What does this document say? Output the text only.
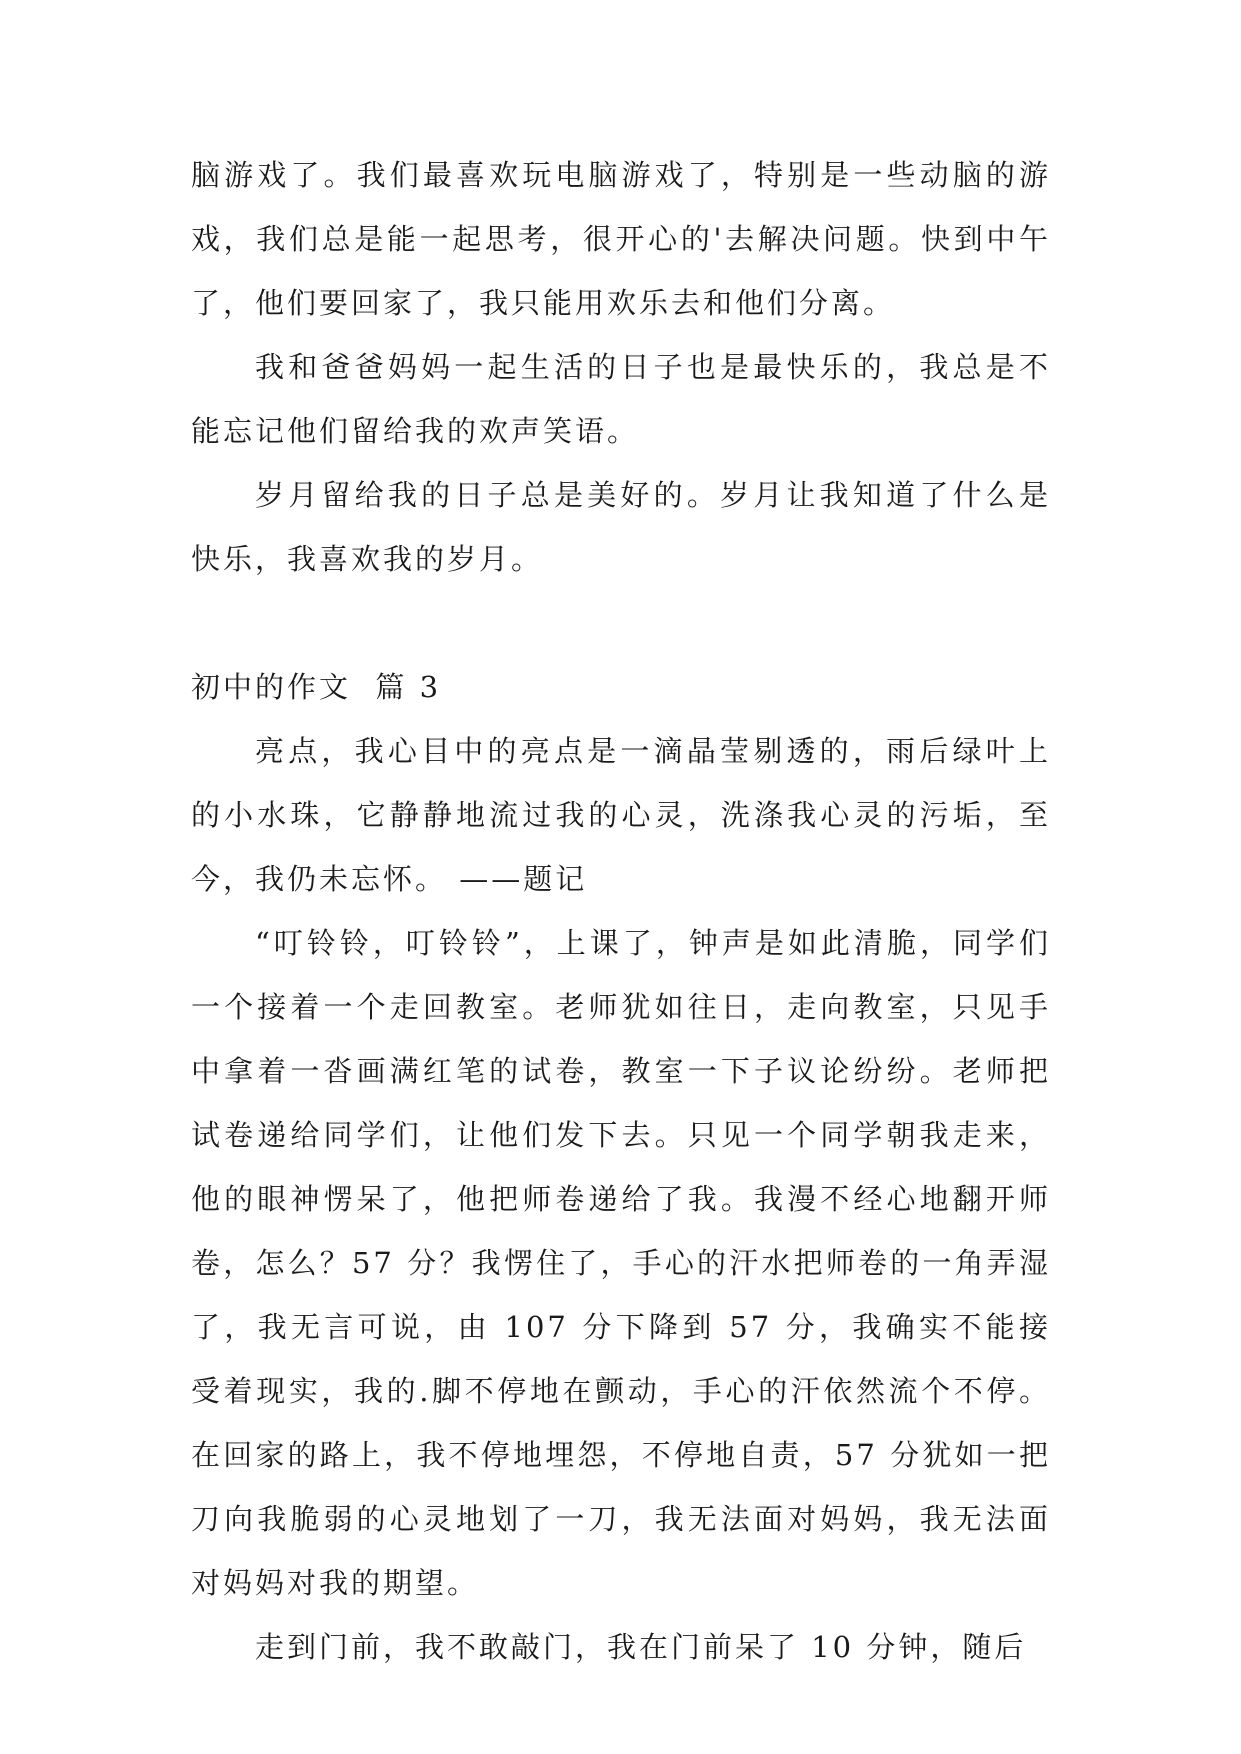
脑游戏了。我们最喜欢玩电脑游戏了，特别是一些动脑的游戏，我们总是能一起思考，很开心的'去解决问题。快到中午了，他们要回家了，我只能用欢乐去和他们分离。

我和爸爸妈妈一起生活的日子也是最快乐的，我总是不能忘记他们留给我的欢声笑语。

岁月留给我的日子总是美好的。岁月让我知道了什么是快乐，我喜欢我的岁月。

初中的作文  篇 3

亮点，我心目中的亮点是一滴晶莹剔透的，雨后绿叶上的小水珠，它静静地流过我的心灵，洗涤我心灵的污垢，至今，我仍未忘怀。 ——题记

“叮铃铃，叮铃铃”，上课了，钟声是如此清脆，同学们一个接着一个走回教室。老师犹如往日，走向教室，只见手中拿着一沓画满红笔的试卷，教室一下子议论纷纷。老师把试卷递给同学们，让他们发下去。只见一个同学朝我走来，他的眼神愣呆了，他把师卷递给了我。我漫不经心地翻开师卷，怎么？57 分？我愣住了，手心的汗水把师卷的一角弄湿了，我无言可说，由 107 分下降到 57 分，我确实不能接受着现实，我的.脚不停地在颤动，手心的汗依然流个不停。在回家的路上，我不停地埋怨，不停地自责，57 分犹如一把刀向我脆弱的心灵地划了一刀，我无法面对妈妈，我无法面对妈妈对我的期望。

走到门前，我不敢敲门，我在门前呆了 10 分钟，随后
